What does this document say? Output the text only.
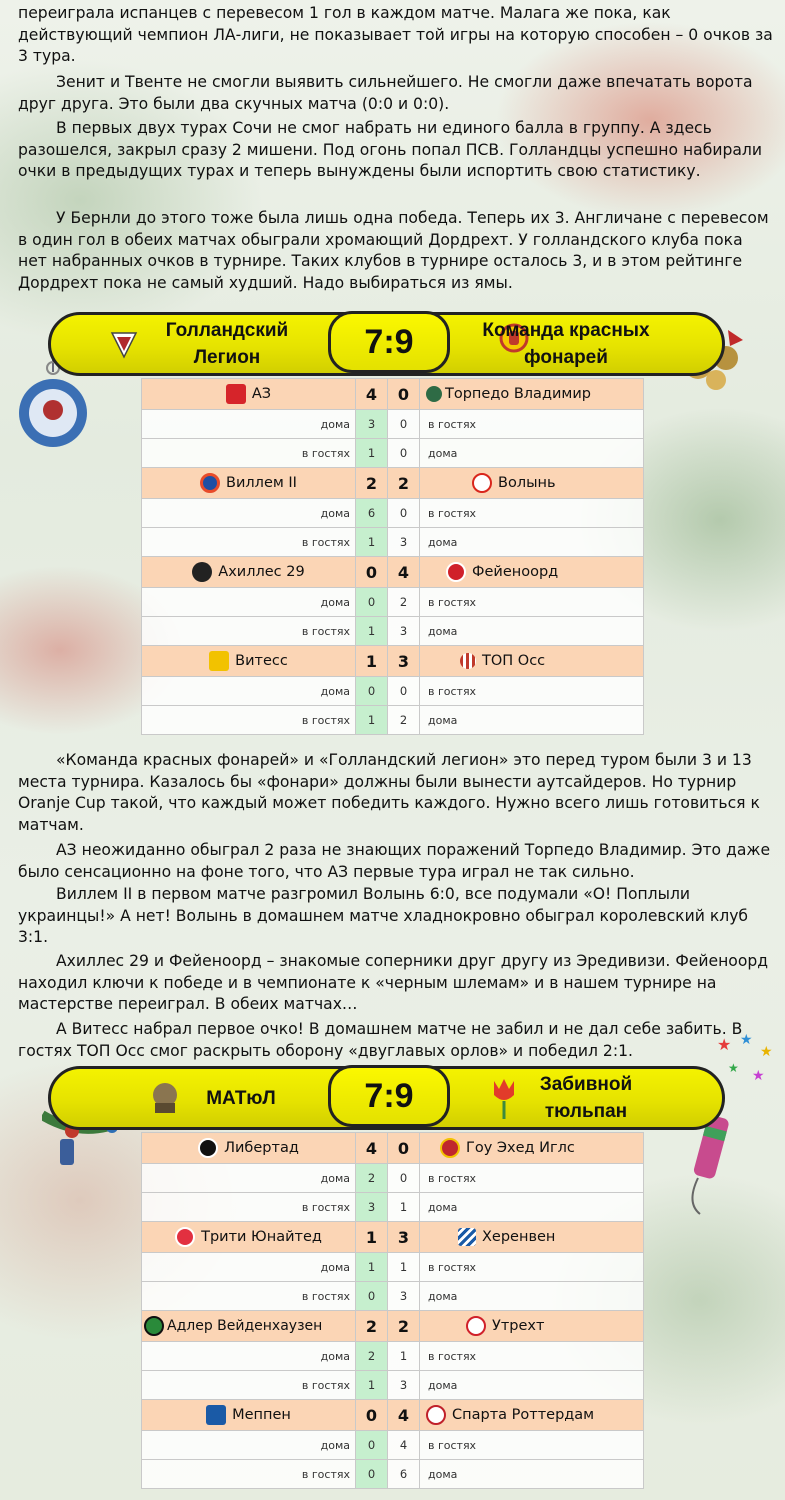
переиграла испанцев с перевесом 1 гол в каждом матче. Малага же пока, как действующий чемпион ЛА-лиги, не показывает той игры на которую способен – 0 очков за 3 тура.

Зенит и Твенте не смогли выявить сильнейшего. Не смогли даже впечатать ворота друг друга. Это были два скучных матча (0:0 и 0:0).

В первых двух турах Сочи не смог набрать ни единого балла в группу. А здесь разошелся, закрыл сразу 2 мишени. Под огонь попал ПСВ. Голландцы успешно набирали очки в предыдущих турах и теперь вынуждены были испортить свою статистику.

У Бернли до этого тоже была лишь одна победа. Теперь их 3. Англичане с перевесом в один гол в обеих матчах обыграли хромающий Дордрехт. У голландского клуба пока нет набранных очков в турнире. Таких клубов в турнире осталось 3, и в этом рейтинге Дордрехт пока не самый худший. Надо выбираться из ямы.

Голландский Легион	7:9	Команда красных фонарей
АЗ	4	0	Торпедо Владимир
дома	3	0	в гостях
в гостях	1	0	дома
Виллем II	2	2	Волынь
дома	6	0	в гостях
в гостях	1	3	дома
Ахиллес 29	0	4	Фейеноорд
дома	0	2	в гостях
в гостях	1	3	дома
Витесс	1	3	ТОП Осс
дома	0	0	в гостях
в гостях	1	2	дома

«Команда красных фонарей» и «Голландский легион» это перед туром были 3 и 13 места турнира. Казалось бы «фонари» должны были вынести аутсайдеров. Но турнир Oranje Cup такой, что каждый может победить каждого. Нужно всего лишь готовиться к матчам.

АЗ неожиданно обыграл 2 раза не знающих поражений Торпедо Владимир. Это даже было сенсационно на фоне того, что АЗ первые тура играл не так сильно.

Виллем II в первом матче разгромил Волынь 6:0, все подумали «О! Поплыли украинцы!» А нет! Волынь в домашнем матче хладнокровно обыграл королевский клуб 3:1.

Ахиллес 29 и Фейеноорд – знакомые соперники друг другу из Эредивизи. Фейеноорд находил ключи к победе и в чемпионате к «черным шлемам» и в нашем турнире на мастерстве переиграл. В обеих матчах…

А Витесс набрал первое очко! В домашнем матче не забил и не дал себе забить. В гостях ТОП Осс смог раскрыть оборону «двуглавых орлов» и победил 2:1.	★ ★
★
★ ★
МАТюЛ	7:9	Забивной тюльпан
Либертад	4	0	Гоу Эхед Иглс
дома	2	0	в гостях
в гостях	3	1	дома
Трити Юнайтед	1	3	Херенвен
дома	1	1	в гостях
в гостях	0	3	дома
Адлер Вейденхаузен	2	2	Утрехт
дома	2	1	в гостях
в гостях	1	3	дома
Меппен	0	4	Спарта Роттердам
дома	0	4	в гостях
в гостях	0	6	дома
